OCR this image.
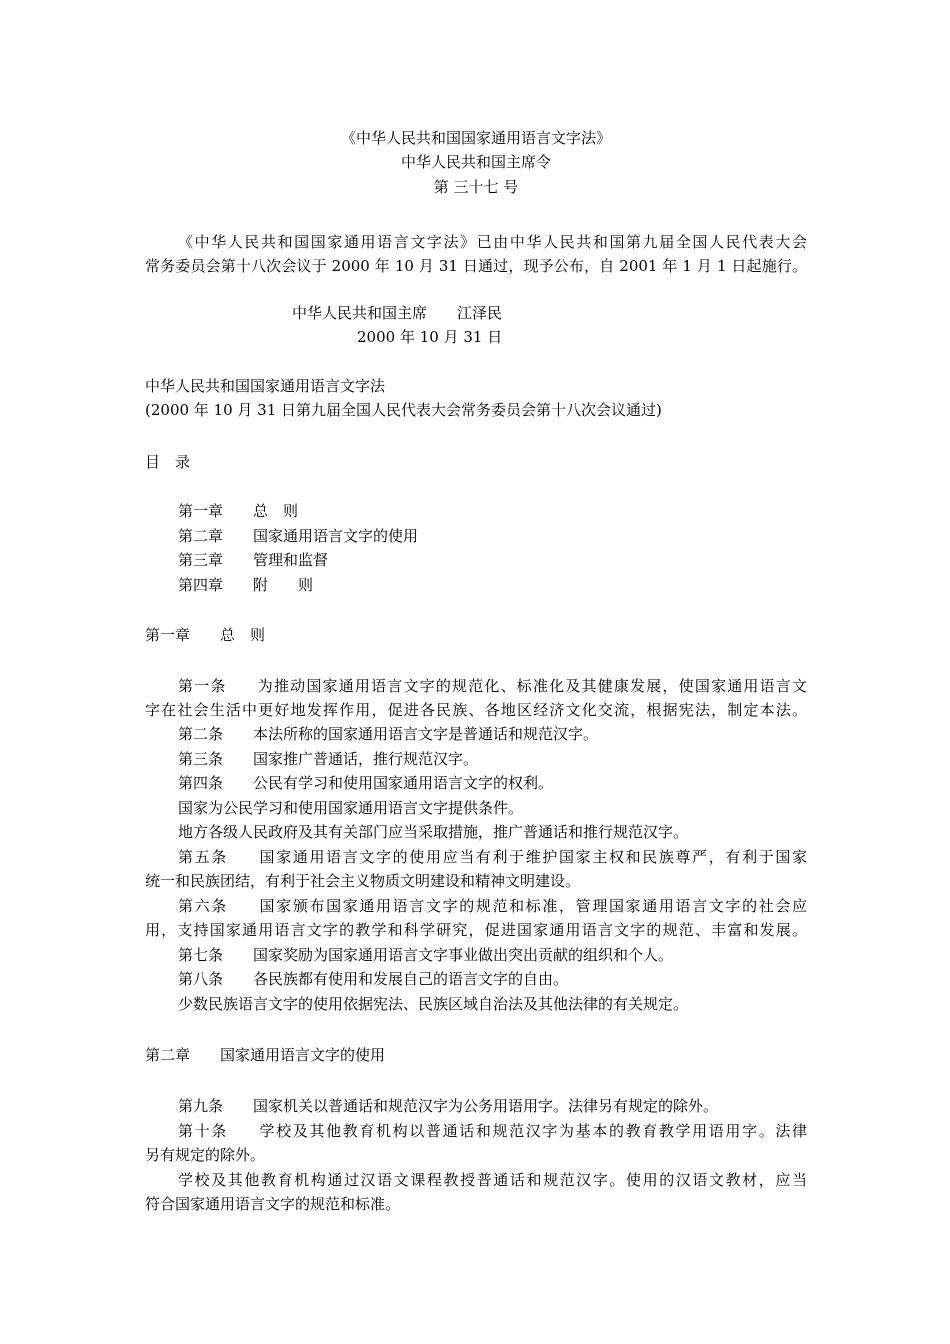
《中华人民共和国国家通用语言文字法》
中华人民共和国主席令
第 三十七 号
《中华人民共和国国家通用语言文字法》已由中华人民共和国第九届全国人民代表大会
常务委员会第十八次会议于 2000 年 10 月 31 日通过，现予公布，自 2001 年 1 月 1 日起施行。
中华人民共和国主席 江泽民
2000 年 10 月 31 日
中华人民共和国国家通用语言文字法
(2000 年 10 月 31 日第九届全国人民代表大会常务委员会第十八次会议通过)
目　录
第一章 总　则
第二章 国家通用语言文字的使用
第三章 管理和监督
第四章 附　　则
第一章 总　则
第一条 为推动国家通用语言文字的规范化、标准化及其健康发展，使国家通用语言文
字在社会生活中更好地发挥作用，促进各民族、各地区经济文化交流，根据宪法，制定本法。
第二条 本法所称的国家通用语言文字是普通话和规范汉字。
第三条 国家推广普通话，推行规范汉字。
第四条 公民有学习和使用国家通用语言文字的权利。
国家为公民学习和使用国家通用语言文字提供条件。
地方各级人民政府及其有关部门应当采取措施，推广普通话和推行规范汉字。
第五条 国家通用语言文字的使用应当有利于维护国家主权和民族尊严，有利于国家
统一和民族团结，有利于社会主义物质文明建设和精神文明建设。
第六条 国家颁布国家通用语言文字的规范和标准，管理国家通用语言文字的社会应
用，支持国家通用语言文字的教学和科学研究，促进国家通用语言文字的规范、丰富和发展。
第七条 国家奖励为国家通用语言文字事业做出突出贡献的组织和个人。
第八条 各民族都有使用和发展自己的语言文字的自由。
少数民族语言文字的使用依据宪法、民族区域自治法及其他法律的有关规定。
第二章 国家通用语言文字的使用
第九条 国家机关以普通话和规范汉字为公务用语用字。法律另有规定的除外。
第十条 学校及其他教育机构以普通话和规范汉字为基本的教育教学用语用字。法律
另有规定的除外。
学校及其他教育机构通过汉语文课程教授普通话和规范汉字。使用的汉语文教材，应当
符合国家通用语言文字的规范和标准。
